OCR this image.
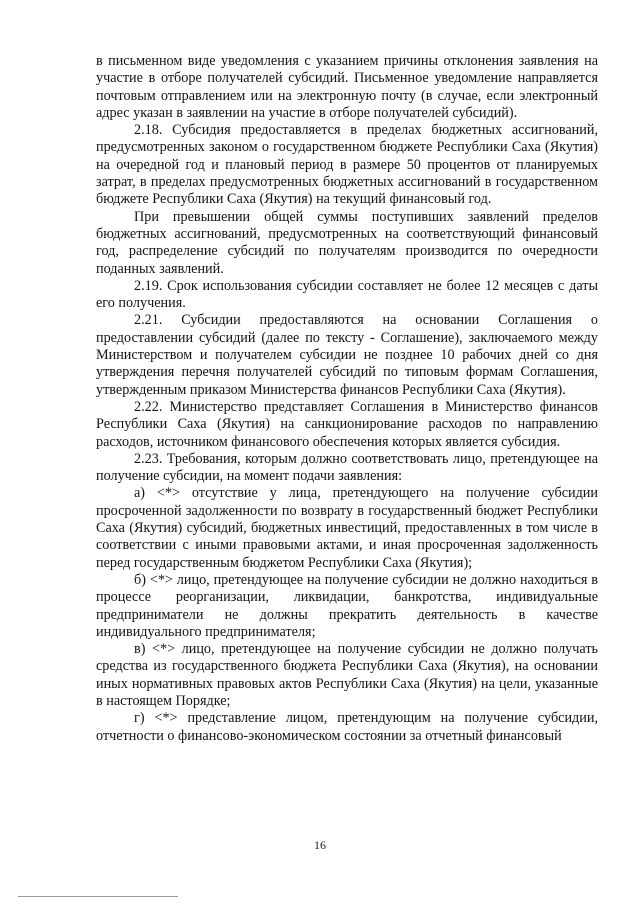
в письменном виде уведомления с указанием причины отклонения заявления на участие в отборе получателей субсидий. Письменное уведомление направляется почтовым отправлением или на электронную почту (в случае, если электронный адрес указан в заявлении на участие в отборе получателей субсидий).

2.18. Субсидия предоставляется в пределах бюджетных ассигнований, предусмотренных законом о государственном бюджете Республики Саха (Якутия) на очередной год и плановый период в размере 50 процентов от планируемых затрат, в пределах предусмотренных бюджетных ассигнований в государственном бюджете Республики Саха (Якутия) на текущий финансовый год.

При превышении общей суммы поступивших заявлений пределов бюджетных ассигнований, предусмотренных на соответствующий финансовый год, распределение субсидий по получателям производится по очередности поданных заявлений.

2.19. Срок использования субсидии составляет не более 12 месяцев с даты его получения.

2.21. Субсидии предоставляются на основании Соглашения о предоставлении субсидий (далее по тексту - Соглашение), заключаемого между Министерством и получателем субсидии не позднее 10 рабочих дней со дня утверждения перечня получателей субсидий по типовым формам Соглашения, утвержденным приказом Министерства финансов Республики Саха (Якутия).

2.22. Министерство представляет Соглашения в Министерство финансов Республики Саха (Якутия) на санкционирование расходов по направлению расходов, источником финансового обеспечения которых является субсидия.

2.23. Требования, которым должно соответствовать лицо, претендующее на получение субсидии, на момент подачи заявления:

а) <*> отсутствие у лица, претендующего на получение субсидии просроченной задолженности по возврату в государственный бюджет Республики Саха (Якутия) субсидий, бюджетных инвестиций, предоставленных в том числе в соответствии с иными правовыми актами, и иная просроченная задолженность перед государственным бюджетом Республики Саха (Якутия);

б) <*> лицо, претендующее на получение субсидии не должно находиться в процессе реорганизации, ликвидации, банкротства, индивидуальные предприниматели не должны прекратить деятельность в качестве индивидуального предпринимателя;

в) <*> лицо, претендующее на получение субсидии не должно получать средства из государственного бюджета Республики Саха (Якутия), на основании иных нормативных правовых актов Республики Саха (Якутия) на цели, указанные в настоящем Порядке;

г) <*> представление лицом, претендующим на получение субсидии, отчетности о финансово-экономическом состоянии за отчетный финансовый

16
